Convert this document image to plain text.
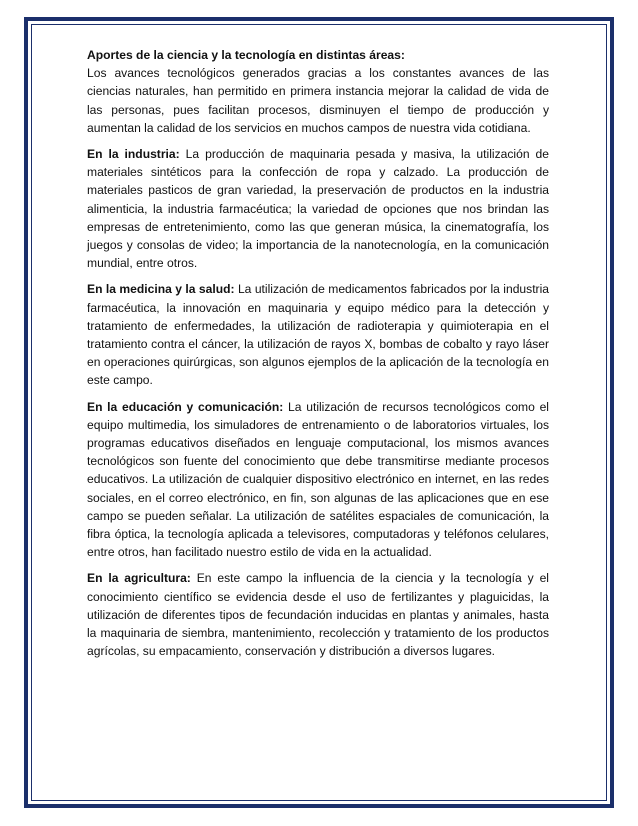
Aportes de la ciencia y la tecnología en distintas áreas:

Los avances tecnológicos generados gracias a los constantes avances de las ciencias naturales, han permitido en primera instancia mejorar la calidad de vida de las personas, pues facilitan procesos, disminuyen el tiempo de producción y aumentan la calidad de los servicios en muchos campos de nuestra vida cotidiana.

En la industria: La producción de maquinaria pesada y masiva, la utilización de materiales sintéticos para la confección de ropa y calzado. La producción de materiales pasticos de gran variedad, la preservación de productos en la industria alimenticia, la industria farmacéutica; la variedad de opciones que nos brindan las empresas de entretenimiento, como las que generan música, la cinematografía, los juegos y consolas de video; la importancia de la nanotecnología, en la comunicación mundial, entre otros.

En la medicina y la salud: La utilización de medicamentos fabricados por la industria farmacéutica, la innovación en maquinaria y equipo médico para la detección y tratamiento de enfermedades, la utilización de radioterapia y quimioterapia en el tratamiento contra el cáncer, la utilización de rayos X, bombas de cobalto y rayo láser en operaciones quirúrgicas, son algunos ejemplos de la aplicación de la tecnología en este campo.

En la educación y comunicación: La utilización de recursos tecnológicos como el equipo multimedia, los simuladores de entrenamiento o de laboratorios virtuales, los programas educativos diseñados en lenguaje computacional, los mismos avances tecnológicos son fuente del conocimiento que debe transmitirse mediante procesos educativos. La utilización de cualquier dispositivo electrónico en internet, en las redes sociales, en el correo electrónico, en fin, son algunas de las aplicaciones que en ese campo se pueden señalar. La utilización de satélites espaciales de comunicación, la fibra óptica, la tecnología aplicada a televisores, computadoras y teléfonos celulares, entre otros, han facilitado nuestro estilo de vida en la actualidad.

En la agricultura: En este campo la influencia de la ciencia y la tecnología y el conocimiento científico se evidencia desde el uso de fertilizantes y plaguicidas, la utilización de diferentes tipos de fecundación inducidas en plantas y animales, hasta la maquinaria de siembra, mantenimiento, recolección y tratamiento de los productos agrícolas, su empacamiento, conservación y distribución a diversos lugares.
